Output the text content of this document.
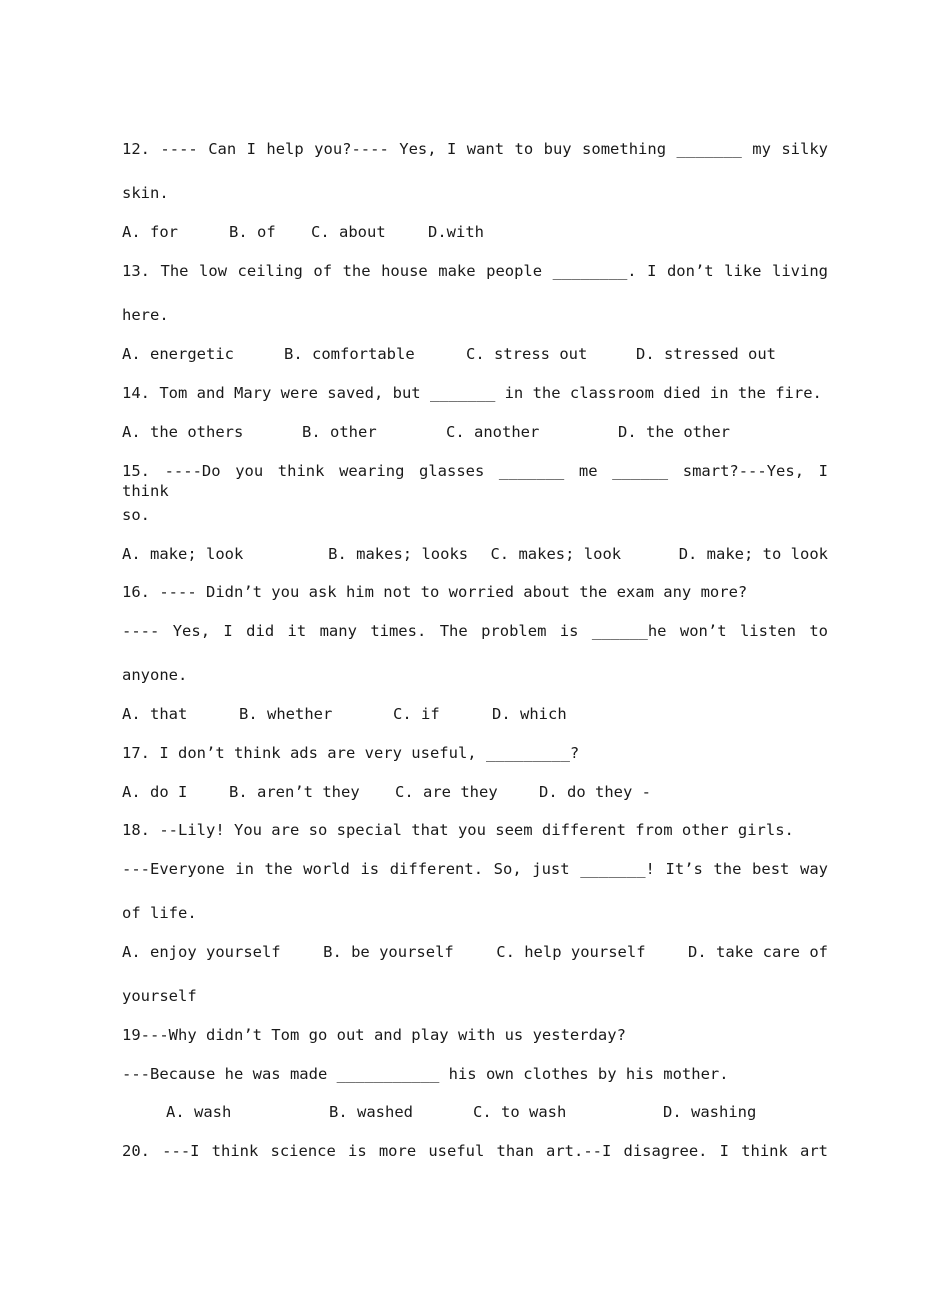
12. ---- Can I help you?---- Yes, I want to buy something _______ my silky
skin.
A. for	B. of	C. about	D.with
13. The low ceiling of the house make people ________. I don’t like living
here.
A. energetic	B. comfortable	C. stress out	D. stressed out
14. Tom and Mary were saved, but _______ in the classroom died in the fire.
A. the others	B. other	C. another	D. the other
15. ----Do you think wearing glasses _______ me ______ smart?---Yes, I think
so.
A. make; look	B. makes; looks	C. makes; look	D. make; to look
16. ---- Didn’t you ask him not to worried about the exam any more?
---- Yes, I did it many times. The problem is ______he won’t listen to
anyone.
A. that	B. whether	C. if	D. which
17. I don’t think ads are very useful, _________?
A. do I	B. aren’t they	C. are they	D. do they -
18. --Lily! You are so special that you seem different from other girls.
---Everyone in the world is different. So, just _______! It’s the best way
of life.
A. enjoy yourself	B. be yourself	C. help yourself	D. take care of
yourself
19---Why didn’t Tom go out and play with us yesterday?
---Because he was made ___________ his own clothes by his mother.
A. wash	B. washed	C. to wash	D. washing
20. ---I think science is more useful than art.--I disagree. I think art
